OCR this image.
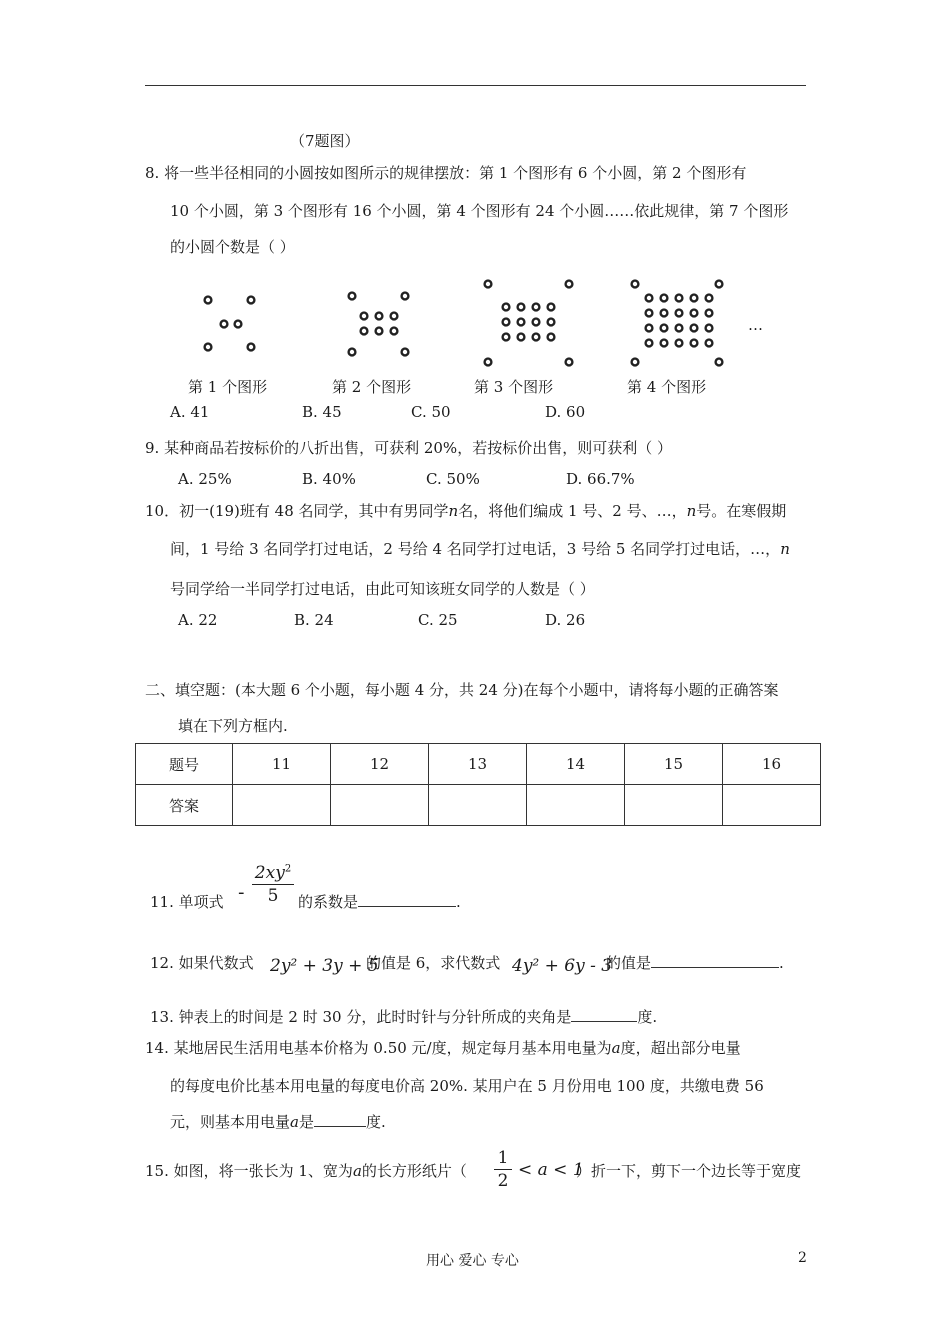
（7题图）
8. 将一些半径相同的小圆按如图所示的规律摆放：第 1 个图形有 6 个小圆，第 2 个图形有
10 个小圆，第 3 个图形有 16 个小圆，第 4 个图形有 24 个小圆……依此规律，第 7 个图形
的小圆个数是（ ）
…
第 1 个图形	第 2 个图形	第 3 个图形	第 4 个图形
A. 41	B. 45	C. 50	D. 60
9. 某种商品若按标价的八折出售，可获利 20%，若按标价出售，则可获利（ ）
A. 25%	B. 40%	C. 50%	D. 66.7%
10．初一(19)班有 48 名同学，其中有男同学n名，将他们编成 1 号、2 号、…，n号。在寒假期
间，1 号给 3 名同学打过电话，2 号给 4 名同学打过电话，3 号给 5 名同学打过电话，…，n
号同学给一半同学打过电话，由此可知该班女同学的人数是（ ）
A. 22	B. 24	C. 25	D. 26
二、填空题：(本大题 6 个小题，每小题 4 分，共 24 分)在每个小题中，请将每小题的正确答案
填在下列方框内.
题号	11	12	13	14	15	16
答案						
11. 单项式 -
$2xy^2$
5	的系数是	.
12. 如果代数式 2y² + 3y + 5
的值是 6，求代数式 4y² + 6y - 3
的值是	.
13. 钟表上的时间是 2 时 30 分，此时时针与分针所成的夹角是	度.
14. 某地居民生活用电基本价格为 0.50 元/度，规定每月基本用电量为a度，超出部分电量
的每度电价比基本用电量的每度电价高 20%. 某用户在 5 月份用电 100 度，共缴电费 56
元，则基本用电量a是	度.
15. 如图，将一张长为 1、宽为a的长方形纸片（
1
2
< a < 1
）折一下，剪下一个边长等于宽度
用心 爱心 专心	2
